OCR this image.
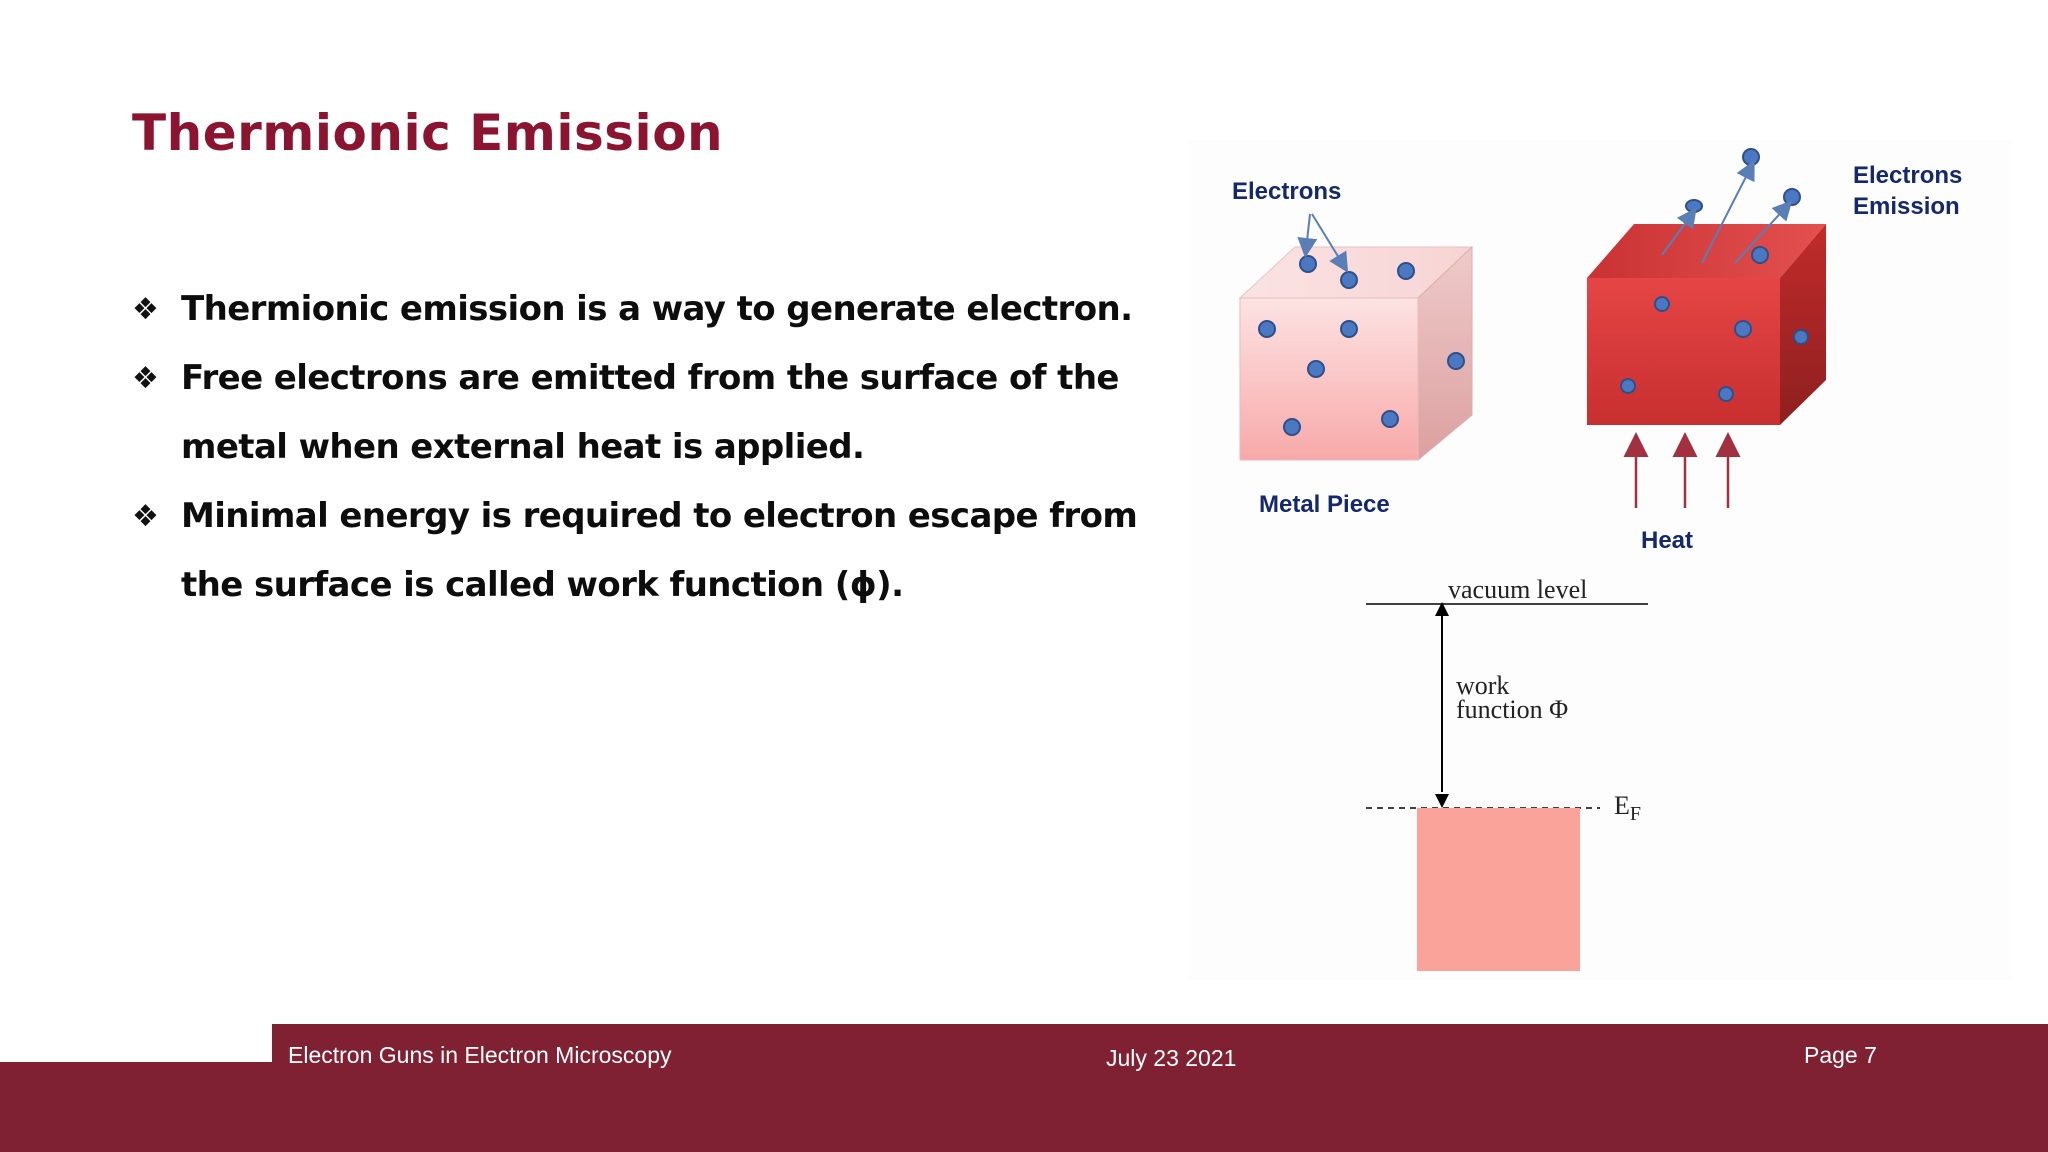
Thermionic Emission
❖ Thermionic emission is a way to generate electron.
❖ Free electrons are emitted from the surface of the metal when external heat is applied.
❖ Minimal energy is required to electron escape from the surface is called work function (ϕ).
Electrons
Electrons
Emission
Metal Piece
Heat
vacuum level
work
function Φ
$E_F$
Electron Guns in Electron Microscopy	July 23 2021	Page 7
